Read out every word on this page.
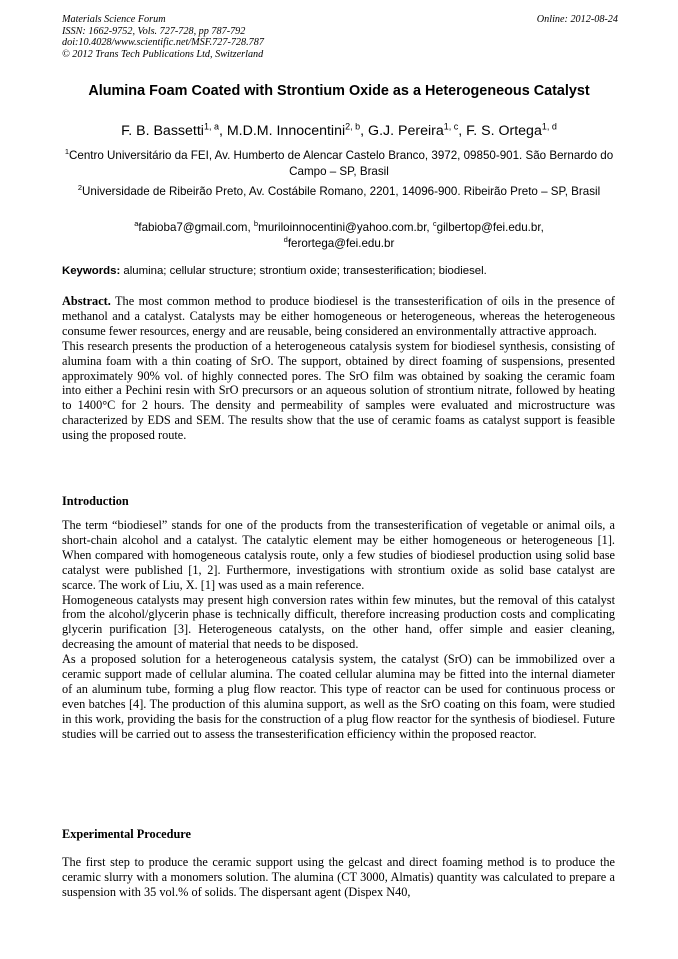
Materials Science Forum
ISSN: 1662-9752, Vols. 727-728, pp 787-792
doi:10.4028/www.scientific.net/MSF.727-728.787
© 2012 Trans Tech Publications Ltd, Switzerland
Online: 2012-08-24
Alumina Foam Coated with Strontium Oxide as a Heterogeneous Catalyst
F. B. Bassetti$^{1, a}$, M.D.M. Innocentini$^{2, b}$, G.J. Pereira$^{1, c}$, F. S. Ortega$^{1, d}$
$^1$Centro Universitário da FEI, Av. Humberto de Alencar Castelo Branco, 3972, 09850-901. São Bernardo do Campo – SP, Brasil
$^2$Universidade de Ribeirão Preto, Av. Costábile Romano, 2201, 14096-900. Ribeirão Preto – SP, Brasil
$^a$fabioba7@gmail.com, $^b$muriloinnocentini@yahoo.com.br, $^c$gilbertop@fei.edu.br,
$^d$ferortega@fei.edu.br
Keywords: alumina; cellular structure; strontium oxide; transesterification; biodiesel.

Abstract. The most common method to produce biodiesel is the transesterification of oils in the presence of methanol and a catalyst. Catalysts may be either homogeneous or heterogeneous, whereas the heterogeneous consume fewer resources, energy and are reusable, being considered an environmentally attractive approach.

This research presents the production of a heterogeneous catalysis system for biodiesel synthesis, consisting of alumina foam with a thin coating of SrO. The support, obtained by direct foaming of suspensions, presented approximately 90% vol. of highly connected pores. The SrO film was obtained by soaking the ceramic foam into either a Pechini resin with SrO precursors or an aqueous solution of strontium nitrate, followed by heating to 1400°C for 2 hours. The density and permeability of samples were evaluated and microstructure was characterized by EDS and SEM. The results show that the use of ceramic foams as catalyst support is feasible using the proposed route.

Introduction

The term “biodiesel” stands for one of the products from the transesterification of vegetable or animal oils, a short-chain alcohol and a catalyst. The catalytic element may be either homogeneous or heterogeneous [1]. When compared with homogeneous catalysis route, only a few studies of biodiesel production using solid base catalyst were published [1, 2]. Furthermore, investigations with strontium oxide as solid base catalyst are scarce. The work of Liu, X. [1] was used as a main reference.

Homogeneous catalysts may present high conversion rates within few minutes, but the removal of this catalyst from the alcohol/glycerin phase is technically difficult, therefore increasing production costs and complicating glycerin purification [3]. Heterogeneous catalysts, on the other hand, offer simple and easier cleaning, decreasing the amount of material that needs to be disposed.

As a proposed solution for a heterogeneous catalysis system, the catalyst (SrO) can be immobilized over a ceramic support made of cellular alumina. The coated cellular alumina may be fitted into the internal diameter of an aluminum tube, forming a plug flow reactor. This type of reactor can be used for continuous process or even batches [4]. The production of this alumina support, as well as the SrO coating on this foam, were studied in this work, providing the basis for the construction of a plug flow reactor for the synthesis of biodiesel. Future studies will be carried out to assess the transesterification efficiency within the proposed reactor.

Experimental Procedure

The first step to produce the ceramic support using the gelcast and direct foaming method is to produce the ceramic slurry with a monomers solution. The alumina (CT 3000, Almatis) quantity was calculated to prepare a suspension with 35 vol.% of solids. The dispersant agent (Dispex N40,
